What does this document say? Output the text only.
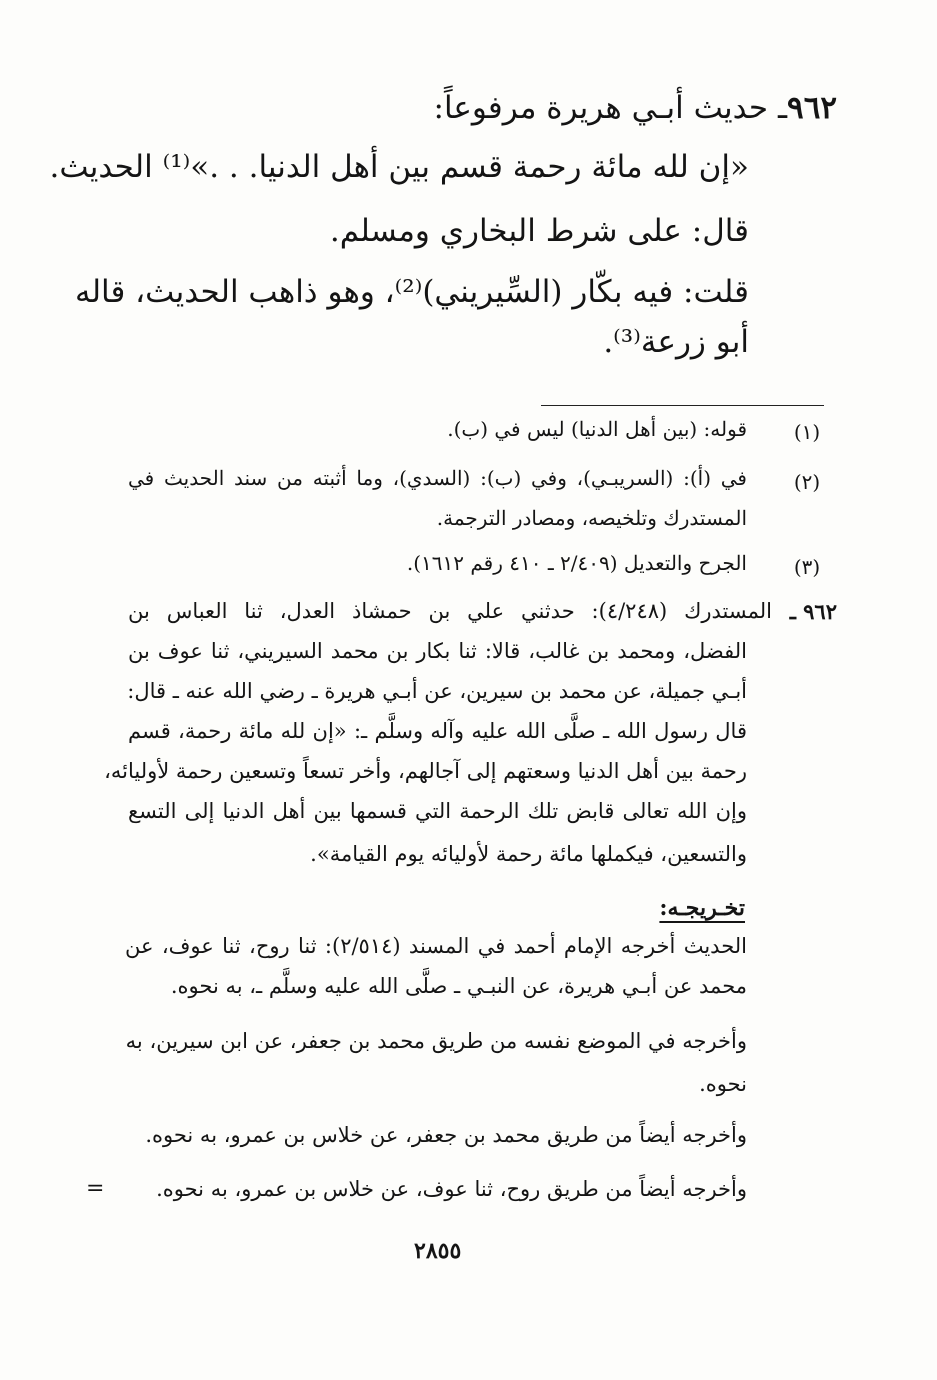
٩٦٢ـ حديث أبـي هريرة مرفوعاً:
«إن لله مائة رحمة قسم بين أهل الدنيا. . .»⁽¹⁾ الحديث.
قال: على شرط البخاري ومسلم.
قلت: فيه بكّار (السِّيريني)⁽²⁾، وهو ذاهب الحديث، قاله
أبو زرعة⁽³⁾.
(١)
قوله: (بين أهل الدنيا) ليس في (ب).
(٢)
في (أ): (السريبـي)، وفي (ب): (السدي)، وما أثبته من سند الحديث في
المستدرك وتلخيصه، ومصادر الترجمة.
(٣)
الجرح والتعديل (٢/٤٠٩ ـ ٤١٠ رقم ١٦١٢).
٩٦٢ ـ
المستدرك (٤/٢٤٨): حدثني علي بن حمشاذ العدل، ثنا العباس بن
الفضل، ومحمد بن غالب، قالا: ثنا بكار بن محمد السيريني، ثنا عوف بن
أبـي جميلة، عن محمد بن سيرين، عن أبـي هريرة ـ رضي الله عنه ـ قال:
قال رسول الله ـ صلَّى الله عليه وآله وسلَّم ـ: «إن لله مائة رحمة، قسم
رحمة بين أهل الدنيا وسعتهم إلى آجالهم، وأخر تسعاً وتسعين رحمة لأوليائه،
وإن الله تعالى قابض تلك الرحمة التي قسمها بين أهل الدنيا إلى التسع
والتسعين، فيكملها مائة رحمة لأوليائه يوم القيامة».
تخـريجـه:
الحديث أخرجه الإمام أحمد في المسند (٢/٥١٤): ثنا روح، ثنا عوف، عن
محمد عن أبـي هريرة، عن النبـي ـ صلَّى الله عليه وسلَّم ـ، به نحوه.
وأخرجه في الموضع نفسه من طريق محمد بن جعفر، عن ابن سيرين، به
نحوه.
وأخرجه أيضاً من طريق محمد بن جعفر، عن خلاس بن عمرو، به نحوه.
وأخرجه أيضاً من طريق روح، ثنا عوف، عن خلاس بن عمرو، به نحوه.
=
٢٨٥٥
